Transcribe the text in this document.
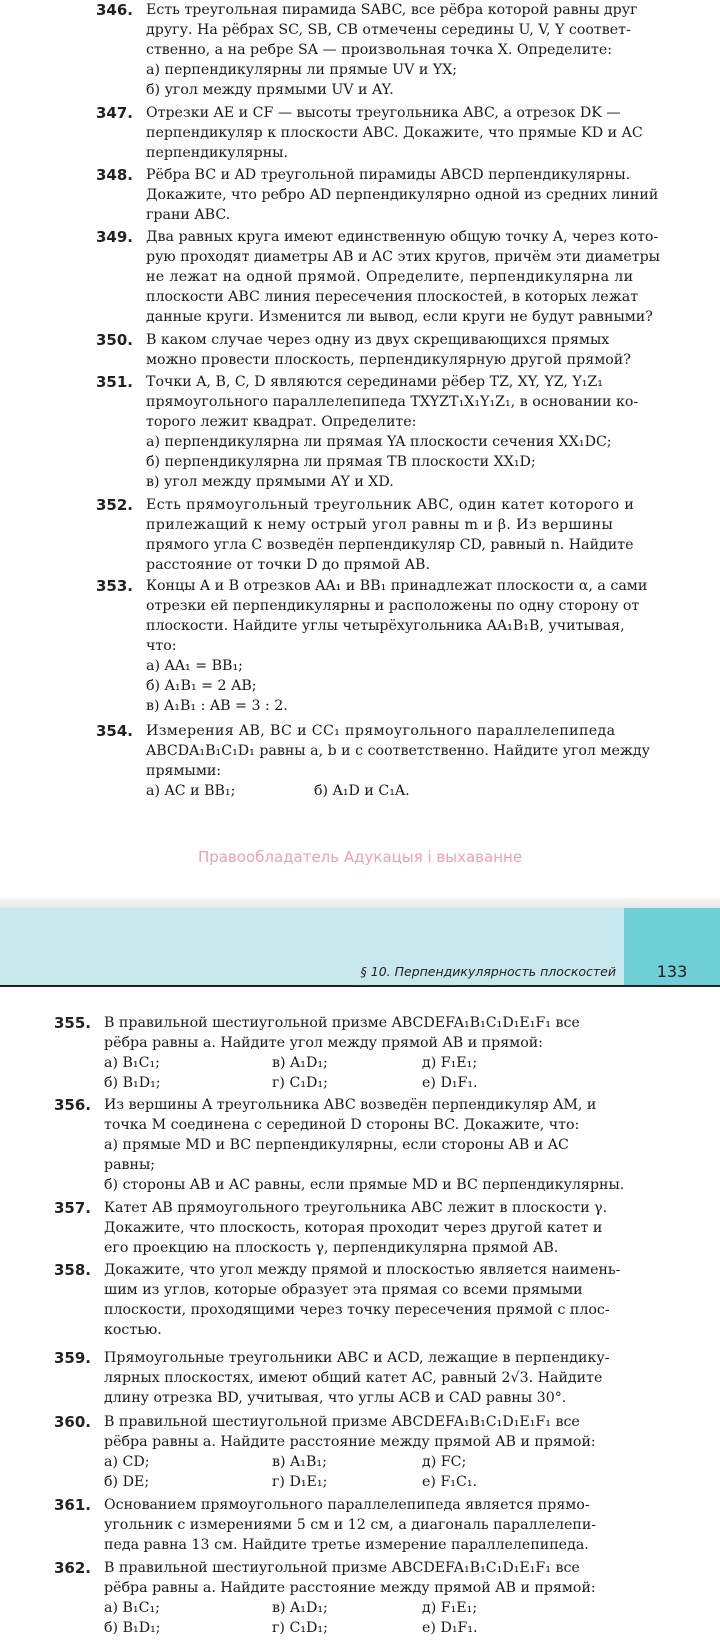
346. Есть треугольная пирамида SABC, все рёбра которой равны друг
другу. На рёбрах SC, SB, CB отмечены середины U, V, Y соответ-
ственно, а на ребре SA — произвольная точка X. Определите:
а) перпендикулярны ли прямые UV и YX;
б) угол между прямыми UV и AY.
347. Отрезки AE и CF — высоты треугольника ABC, а отрезок DK —
перпендикуляр к плоскости ABC. Докажите, что прямые KD и AC
перпендикулярны.
348. Рёбра BC и AD треугольной пирамиды ABCD перпендикулярны.
Докажите, что ребро AD перпендикулярно одной из средних линий
грани ABC.
349. Два равных круга имеют единственную общую точку A, через кото-
рую проходят диаметры AB и AC этих кругов, причём эти диаметры
не лежат на одной прямой. Определите, перпендикулярна ли
плоскости ABC линия пересечения плоскостей, в которых лежат
данные круги. Изменится ли вывод, если круги не будут равными?
350. В каком случае через одну из двух скрещивающихся прямых
можно провести плоскость, перпендикулярную другой прямой?
351. Точки A, B, C, D являются серединами рёбер TZ, XY, YZ, Y₁Z₁
прямоугольного параллелепипеда TXYZT₁X₁Y₁Z₁, в основании ко-
торого лежит квадрат. Определите:
а) перпендикулярна ли прямая YA плоскости сечения XX₁DC;
б) перпендикулярна ли прямая TB плоскости XX₁D;
в) угол между прямыми AY и XD.
352. Есть прямоугольный треугольник ABC, один катет которого и
прилежащий к нему острый угол равны m и β. Из вершины
прямого угла C возведён перпендикуляр CD, равный n. Найдите
расстояние от точки D до прямой AB.
353. Концы A и B отрезков AA₁ и BB₁ принадлежат плоскости α, а сами
отрезки ей перпендикулярны и расположены по одну сторону от
плоскости. Найдите углы четырёхугольника AA₁B₁B, учитывая,
что:
а) AA₁ = BB₁;
б) A₁B₁ = 2 AB;
в) A₁B₁ : AB = 3 : 2.
354. Измерения AB, BC и CC₁ прямоугольного параллелепипеда
ABCDA₁B₁C₁D₁ равны a, b и c соответственно. Найдите угол между
прямыми:
а) AC и BB₁;	б) A₁D и C₁A.
Правообладатель Адукацыя і выхаванне
§ 10. Перпендикулярность плоскостей	133
355. В правильной шестиугольной призме ABCDEFA₁B₁C₁D₁E₁F₁ все
рёбра равны a. Найдите угол между прямой AB и прямой:
а) B₁C₁;	в) A₁D₁;	д) F₁E₁;
б) B₁D₁;	г) C₁D₁;	е) D₁F₁.
356. Из вершины A треугольника ABC возведён перпендикуляр AM, и
точка M соединена с серединой D стороны BC. Докажите, что:
а) прямые MD и BC перпендикулярны, если стороны AB и AC
равны;
б) стороны AB и AC равны, если прямые MD и BC перпендикулярны.
357. Катет AB прямоугольного треугольника ABC лежит в плоскости γ.
Докажите, что плоскость, которая проходит через другой катет и
его проекцию на плоскость γ, перпендикулярна прямой AB.
358. Докажите, что угол между прямой и плоскостью является наимень-
шим из углов, которые образует эта прямая со всеми прямыми
плоскости, проходящими через точку пересечения прямой с плос-
костью.
359. Прямоугольные треугольники ABC и ACD, лежащие в перпендику-
лярных плоскостях, имеют общий катет AC, равный 2√3. Найдите
длину отрезка BD, учитывая, что углы ACB и CAD равны 30°.
360. В правильной шестиугольной призме ABCDEFA₁B₁C₁D₁E₁F₁ все
рёбра равны a. Найдите расстояние между прямой AB и прямой:
а) CD;	в) A₁B₁;	д) FC;
б) DE;	г) D₁E₁;	е) F₁C₁.
361. Основанием прямоугольного параллелепипеда является прямо-
угольник с измерениями 5 см и 12 см, а диагональ параллелепи-
педа равна 13 см. Найдите третье измерение параллелепипеда.
362. В правильной шестиугольной призме ABCDEFA₁B₁C₁D₁E₁F₁ все
рёбра равны a. Найдите расстояние между прямой AB и прямой:
а) B₁C₁;	в) A₁D₁;	д) F₁E₁;
б) B₁D₁;	г) C₁D₁;	е) D₁F₁.
